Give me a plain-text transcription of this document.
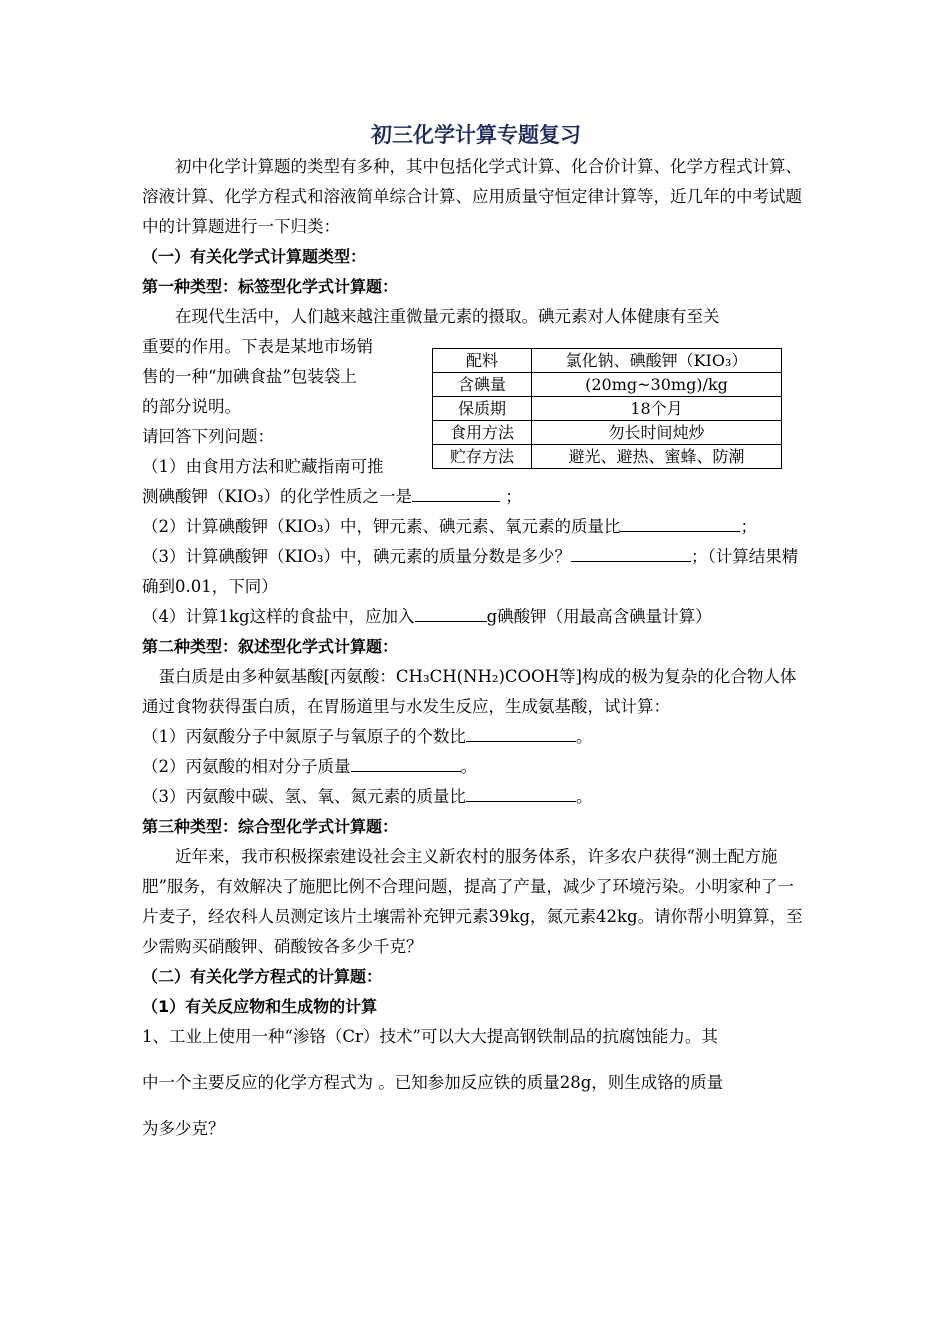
初三化学计算专题复习

初中化学计算题的类型有多种，其中包括化学式计算、化合价计算、化学方程式计算、溶液计算、化学方程式和溶液简单综合计算、应用质量守恒定律计算等，近几年的中考试题中的计算题进行一下归类：

（一）有关化学式计算题类型：

第一种类型：标签型化学式计算题：

在现代生活中，人们越来越注重微量元素的摄取。碘元素对人体健康有至关

重要的作用。下表是某地市场销

售的一种“加碘食盐”包装袋上

的部分说明。

请回答下列问题：

（1）由食用方法和贮藏指南可推

配料	氯化钠、碘酸钾（KIO₃）
含碘量	(20mg~30mg)/kg
保质期	18个月
食用方法	勿长时间炖炒
贮存方法	避光、避热、蜜蜂、防潮

测碘酸钾（KIO₃）的化学性质之一是	；

（2）计算碘酸钾（KIO₃）中，钾元素、碘元素、氧元素的质量比	；

（3）计算碘酸钾（KIO₃）中，碘元素的质量分数是多少？	；（计算结果精确到0.01，下同）

（4）计算1kg这样的食盐中，应加入	g碘酸钾（用最高含碘量计算）

第二种类型：叙述型化学式计算题：

蛋白质是由多种氨基酸[丙氨酸：CH₃CH(NH₂)COOH等]构成的极为复杂的化合物人体通过食物获得蛋白质，在胃肠道里与水发生反应，生成氨基酸，试计算：

（1）丙氨酸分子中氮原子与氧原子的个数比	。

（2）丙氨酸的相对分子质量	。

（3）丙氨酸中碳、氢、氧、氮元素的质量比	。

第三种类型：综合型化学式计算题：

近年来，我市积极探索建设社会主义新农村的服务体系，许多农户获得“测土配方施肥”服务，有效解决了施肥比例不合理问题，提高了产量，减少了环境污染。小明家种了一片麦子，经农科人员测定该片土壤需补充钾元素39kg，氮元素42kg。请你帮小明算算，至少需购买硝酸钾、硝酸铵各多少千克？

（二）有关化学方程式的计算题：

（1）有关反应物和生成物的计算

1、工业上使用一种“渗铬（Cr）技术”可以大大提高钢铁制品的抗腐蚀能力。其

中一个主要反应的化学方程式为 。已知参加反应铁的质量28g，则生成铬的质量

为多少克？
